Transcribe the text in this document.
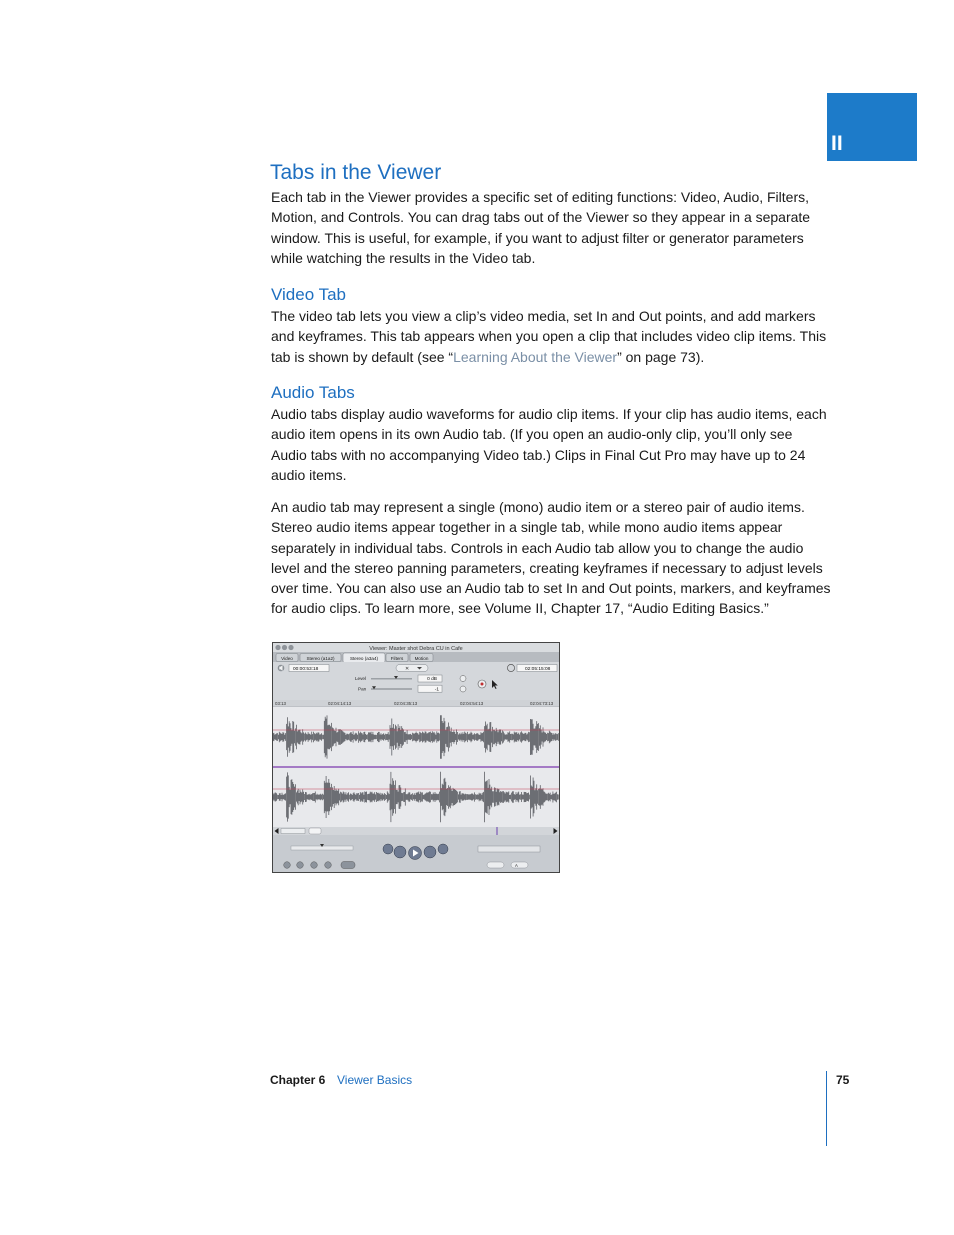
II
Tabs in the Viewer

Each tab in the Viewer provides a specific set of editing functions: Video, Audio, Filters, Motion, and Controls. You can drag tabs out of the Viewer so they appear in a separate window. This is useful, for example, if you want to adjust filter or generator parameters while watching the results in the Video tab.

Video Tab

The video tab lets you view a clip’s video media, set In and Out points, and add markers and keyframes. This tab appears when you open a clip that includes video clip items. This tab is shown by default (see “Learning About the Viewer” on page 73).

Audio Tabs

Audio tabs display audio waveforms for audio clip items. If your clip has audio items, each audio item opens in its own Audio tab. (If you open an audio-only clip, you’ll only see Audio tabs with no accompanying Video tab.) Clips in Final Cut Pro may have up to 24 audio items.

An audio tab may represent a single (mono) audio item or a stereo pair of audio items. Stereo audio items appear together in a single tab, while mono audio items appear separately in individual tabs. Controls in each Audio tab allow you to change the audio level and the stereo panning parameters, creating keyframes if necessary to adjust levels over time. You can also use an Audio tab to set In and Out points, markers, and keyframes for audio clips. To learn more, see Volume II, Chapter 17, “Audio Editing Basics.”

Viewer: Master shot Debra CU in Cafe
Video	Stereo (a1a2)	Stereo (a3a4)	Filters Motion
00:00:53:18	✕	02:05:15:08
Level	0 dB
Pan	-1
03:13	02:04:14:13	02:04:35:13	02:04:54:13	02:04:73:13
A
Chapter 6 Viewer Basics	75
